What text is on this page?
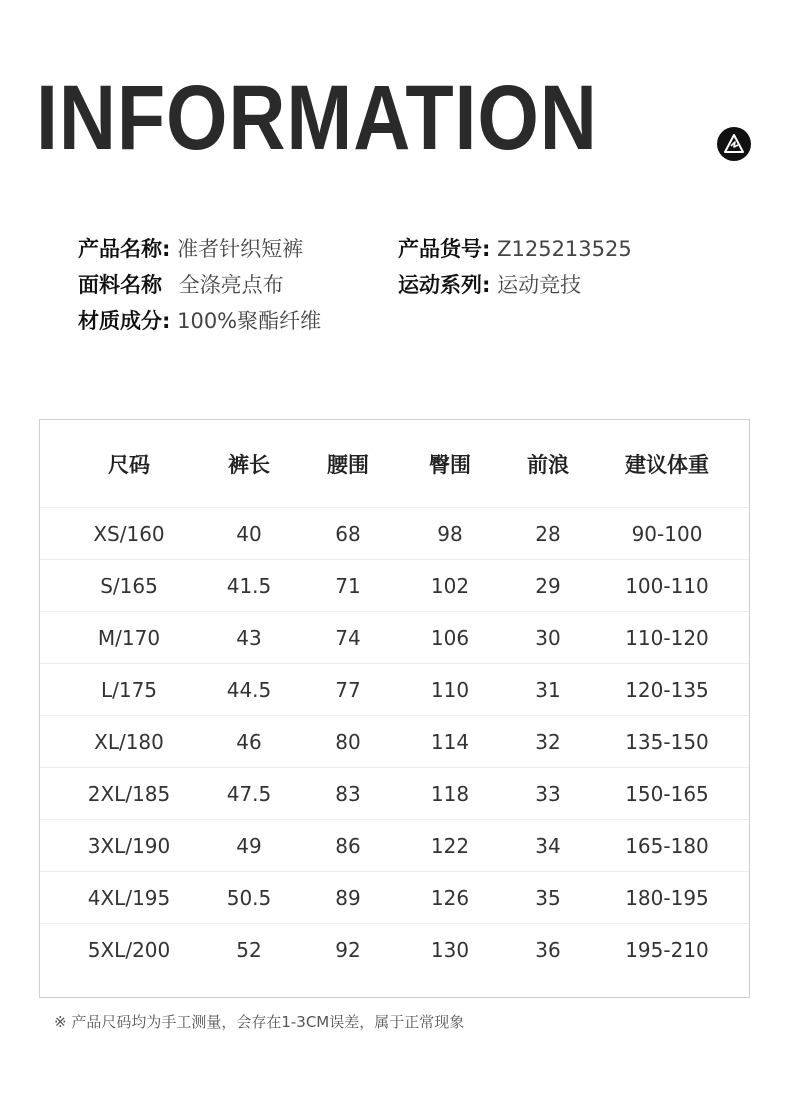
INFORMATION
产品名称: 准者针织短裤	产品货号: Z125213525
面料名称 全涤亮点布	运动系列: 运动竞技
材质成分: 100%聚酯纤维
尺码	裤长	腰围	臀围	前浪	建议体重
XS/160	40	68	98	28	90-100
S/165	41.5	71	102	29	100-110
M/170	43	74	106	30	110-120
L/175	44.5	77	110	31	120-135
XL/180	46	80	114	32	135-150
2XL/185	47.5	83	118	33	150-165
3XL/190	49	86	122	34	165-180
4XL/195	50.5	89	126	35	180-195
5XL/200	52	92	130	36	195-210
※ 产品尺码均为手工测量，会存在1-3CM误差，属于正常现象
